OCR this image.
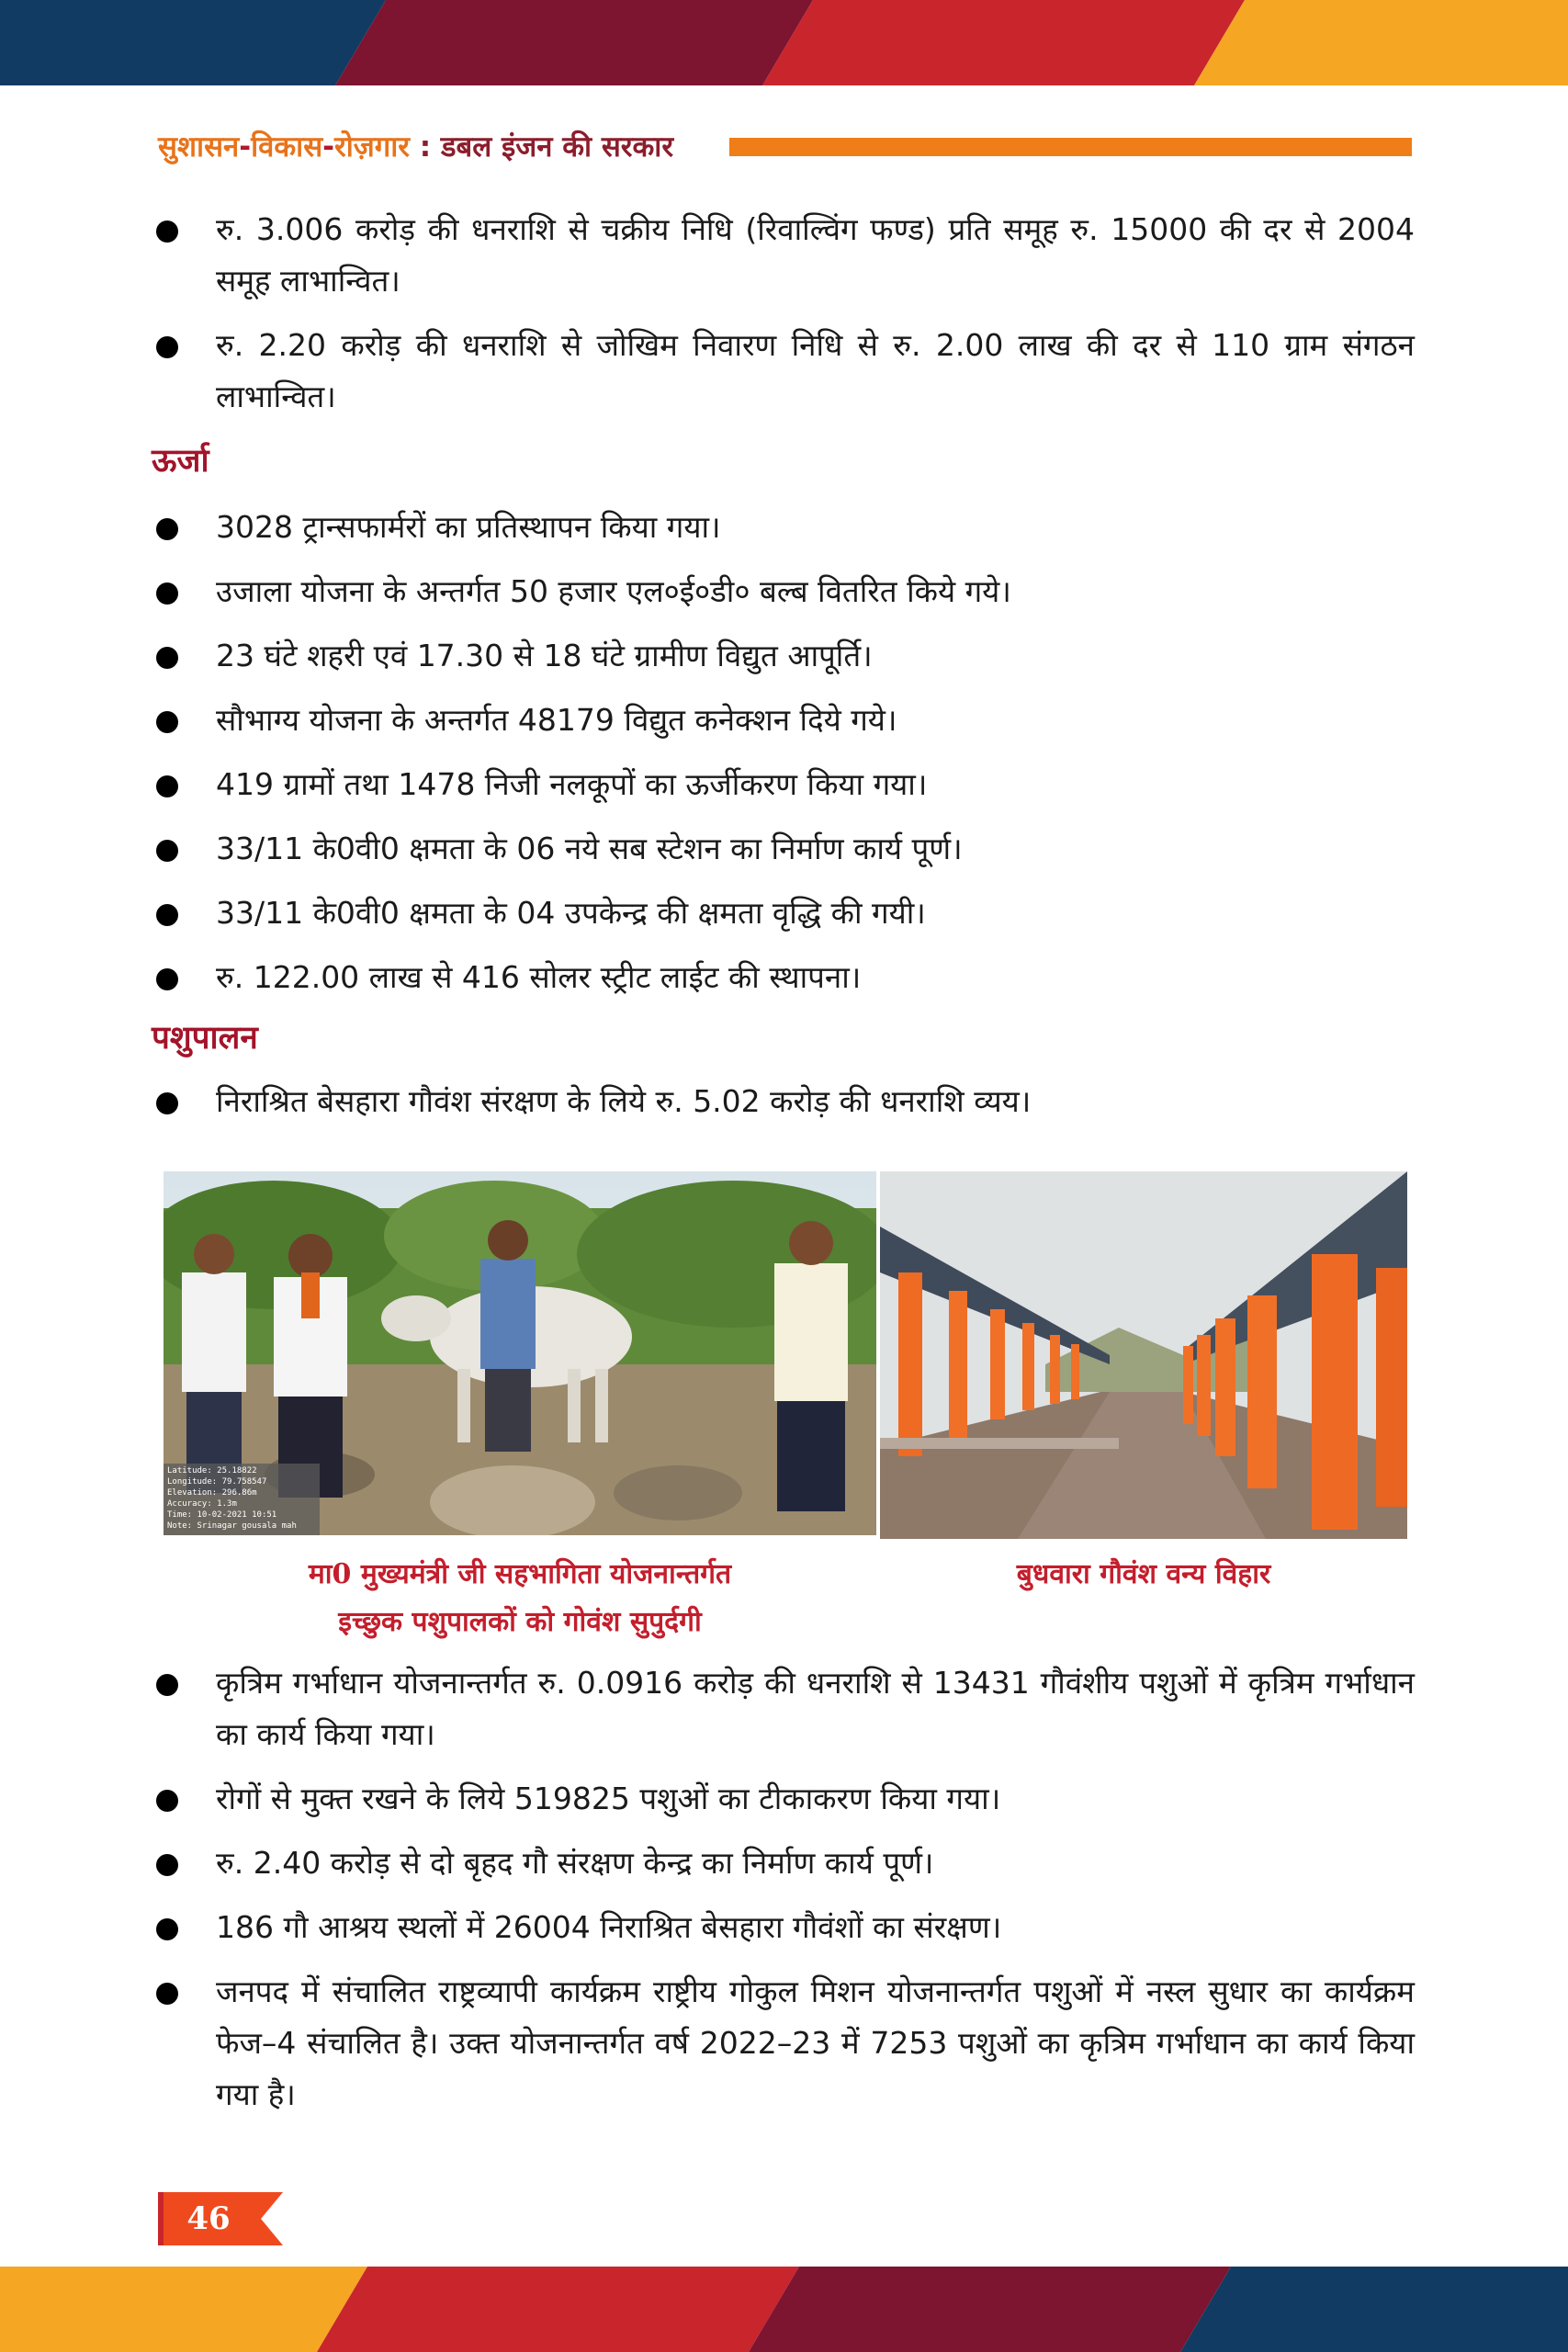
सुशासन-विकास-रोज़गार : डबल इंजन की सरकार
रु. 3.006 करोड़ की धनराशि से चक्रीय निधि (रिवाल्विंग फण्ड) प्रति समूह रु. 15000 की दर से 2004 समूह लाभान्वित।
रु. 2.20 करोड़ की धनराशि से जोखिम निवारण निधि से रु. 2.00 लाख की दर से 110 ग्राम संगठन लाभान्वित।
ऊर्जा
3028 ट्रान्सफार्मरों का प्रतिस्थापन किया गया।
उजाला योजना के अन्तर्गत 50 हजार एल०ई०डी० बल्ब वितरित किये गये।
23 घंटे शहरी एवं 17.30 से 18 घंटे ग्रामीण विद्युत आपूर्ति।
सौभाग्य योजना के अन्तर्गत 48179 विद्युत कनेक्शन दिये गये।
419 ग्रामों तथा 1478 निजी नलकूपों का ऊर्जीकरण किया गया।
33/11 के0वी0 क्षमता के 06 नये सब स्टेशन का निर्माण कार्य पूर्ण।
33/11 के0वी0 क्षमता के 04 उपकेन्द्र की क्षमता वृद्धि की गयी।
रु. 122.00 लाख से 416 सोलर स्ट्रीट लाईट की स्थापना।
पशुपालन
निराश्रित बेसहारा गौवंश संरक्षण के लिये रु. 5.02 करोड़ की धनराशि व्यय।
Latitude: 25.18822
Longitude: 79.758547
Elevation: 296.86m
Accuracy: 1.3m
Time: 10-02-2021 10:51
Note: Srinagar gousala mah
मा0 मुख्यमंत्री जी सहभागिता योजनान्तर्गत
इच्छुक पशुपालकों को गोवंश सुपुर्दगी
बुधवारा गौवंश वन्य विहार
कृत्रिम गर्भाधान योजनान्तर्गत रु. 0.0916 करोड़ की धनराशि से 13431 गौवंशीय पशुओं में कृत्रिम गर्भाधान का कार्य किया गया।
रोगों से मुक्त रखने के लिये 519825 पशुओं का टीकाकरण किया गया।
रु. 2.40 करोड़ से दो बृहद गौ संरक्षण केन्द्र का निर्माण कार्य पूर्ण।
186 गौ आश्रय स्थलों में 26004 निराश्रित बेसहारा गौवंशों का संरक्षण।
जनपद में संचालित राष्ट्रव्यापी कार्यक्रम राष्ट्रीय गोकुल मिशन योजनान्तर्गत पशुओं में नस्ल सुधार का कार्यक्रम फेज–4 संचालित है। उक्त योजनान्तर्गत वर्ष 2022–23 में 7253 पशुओं का कृत्रिम गर्भाधान का कार्य किया गया है।
46
